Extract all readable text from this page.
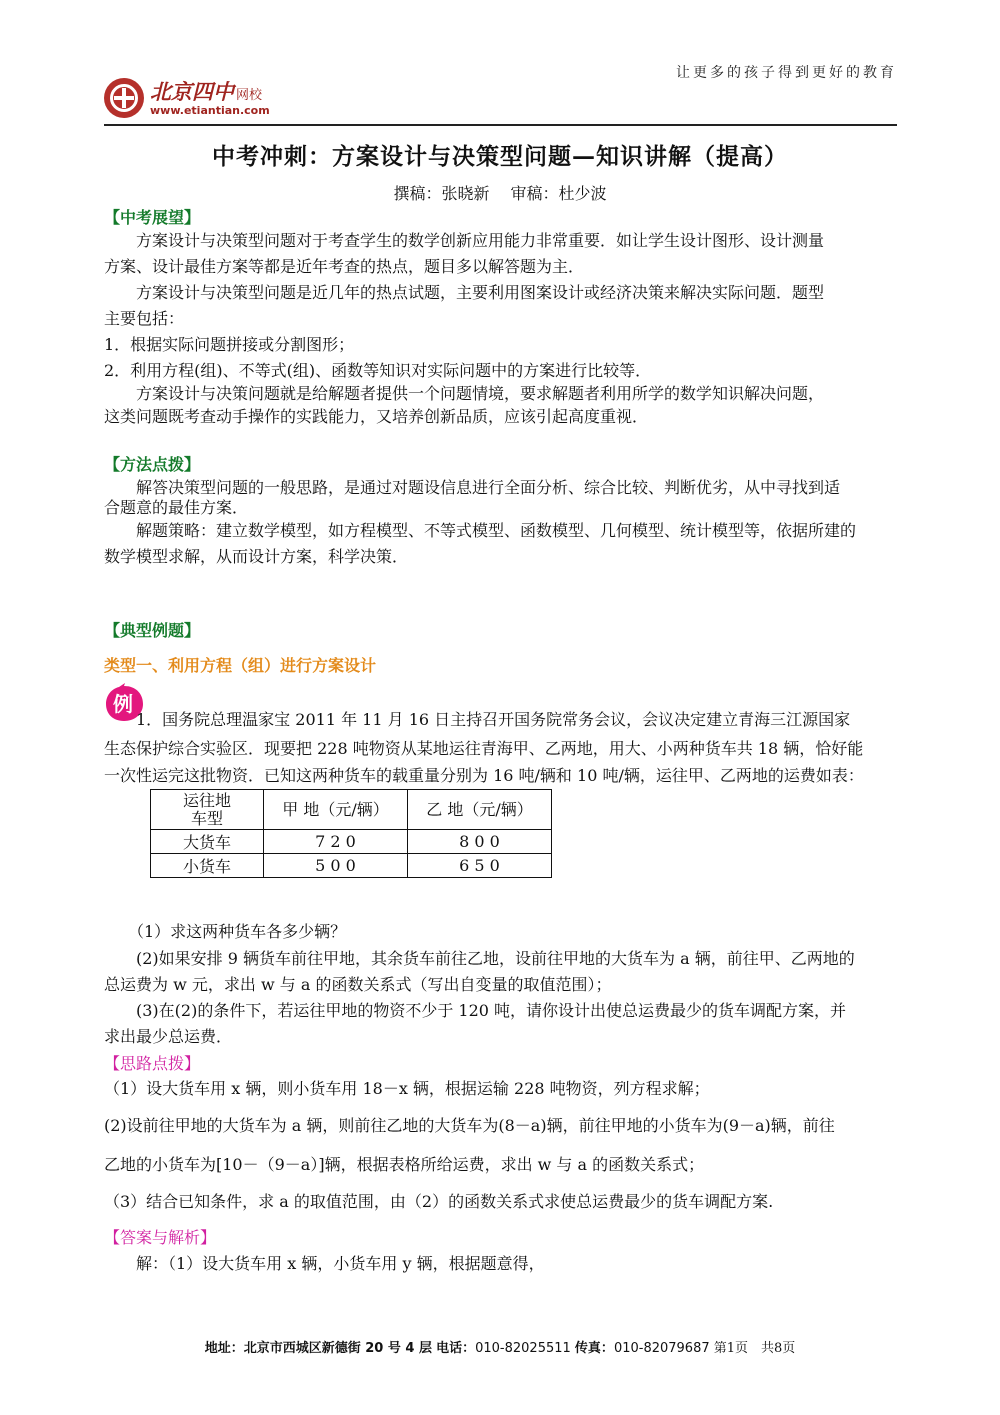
让更多的孩子得到更好的教育
北京四中 网校
www.etiantian.com
中考冲刺：方案设计与决策型问题—知识讲解（提高）
撰稿：张晓新　 审稿：杜少波
【中考展望】
　　方案设计与决策型问题对于考查学生的数学创新应用能力非常重要．如让学生设计图形、设计测量
方案、设计最佳方案等都是近年考查的热点，题目多以解答题为主．
　　方案设计与决策型问题是近几年的热点试题，主要利用图案设计或经济决策来解决实际问题．题型
主要包括：
1．根据实际问题拼接或分割图形；
2．利用方程(组)、不等式(组)、函数等知识对实际问题中的方案进行比较等．
　　方案设计与决策问题就是给解题者提供一个问题情境，要求解题者利用所学的数学知识解决问题，
这类问题既考查动手操作的实践能力，又培养创新品质，应该引起高度重视．
【方法点拨】
　　解答决策型问题的一般思路，是通过对题设信息进行全面分析、综合比较、判断优劣，从中寻找到适
合题意的最佳方案．
　　解题策略：建立数学模型，如方程模型、不等式模型、函数模型、几何模型、统计模型等，依据所建的
数学模型求解，从而设计方案，科学决策．
【典型例题】
类型一、利用方程（组）进行方案设计
例
　　1．国务院总理温家宝 2011 年 11 月 16 日主持召开国务院常务会议，会议决定建立青海三江源国家
生态保护综合实验区．现要把 228 吨物资从某地运往青海甲、乙两地，用大、小两种货车共 18 辆，恰好能
一次性运完这批物资．已知这两种货车的载重量分别为 16 吨/辆和 10 吨/辆，运往甲、乙两地的运费如表：
运往地
车型	甲 地（元/辆）	乙 地（元/辆）
大货车	7 2 0	8 0 0
小货车	5 0 0	6 5 0
　　（1）求这两种货车各多少辆？
　　(2)如果安排 9 辆货车前往甲地，其余货车前往乙地，设前往甲地的大货车为 a 辆，前往甲、乙两地的
总运费为 w 元，求出 w 与 a 的函数关系式（写出自变量的取值范围）；
　　(3)在(2)的条件下，若运往甲地的物资不少于 120 吨，请你设计出使总运费最少的货车调配方案，并
求出最少总运费．
【思路点拨】
（1）设大货车用 x 辆，则小货车用 18－x 辆，根据运输 228 吨物资，列方程求解；
(2)设前往甲地的大货车为 a 辆，则前往乙地的大货车为(8－a)辆，前往甲地的小货车为(9－a)辆，前往
乙地的小货车为[10－（9－a）]辆，根据表格所给运费，求出 w 与 a 的函数关系式；
（3）结合已知条件，求 a 的取值范围，由（2）的函数关系式求使总运费最少的货车调配方案.
【答案与解析】
　　解：（1）设大货车用 x 辆，小货车用 y 辆，根据题意得，
地址：北京市西城区新德街 20 号 4 层 电话：010-82025511 传真：010-82079687 第1页　共8页
